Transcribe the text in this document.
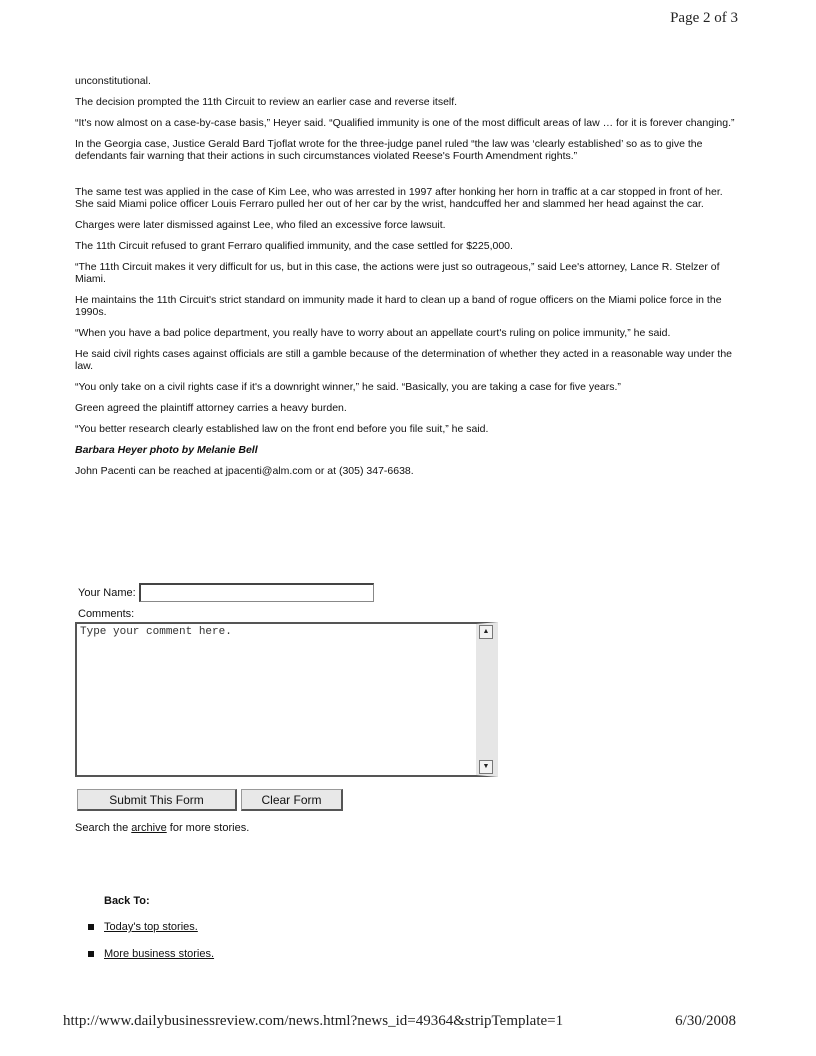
Page 2 of 3

unconstitutional.

The decision prompted the 11th Circuit to review an earlier case and reverse itself.

“It's now almost on a case-by-case basis,” Heyer said. “Qualified immunity is one of the most difficult areas of law … for it is forever changing.”

In the Georgia case, Justice Gerald Bard Tjoflat wrote for the three-judge panel ruled “the law was ‘clearly established’ so as to give the defendants fair warning that their actions in such circumstances violated Reese's Fourth Amendment rights.”

The same test was applied in the case of Kim Lee, who was arrested in 1997 after honking her horn in traffic at a car stopped in front of her. She said Miami police officer Louis Ferraro pulled her out of her car by the wrist, handcuffed her and slammed her head against the car.

Charges were later dismissed against Lee, who filed an excessive force lawsuit.

The 11th Circuit refused to grant Ferraro qualified immunity, and the case settled for $225,000.

“The 11th Circuit makes it very difficult for us, but in this case, the actions were just so outrageous,” said Lee's attorney, Lance R. Stelzer of Miami.

He maintains the 11th Circuit's strict standard on immunity made it hard to clean up a band of rogue officers on the Miami police force in the 1990s.

“When you have a bad police department, you really have to worry about an appellate court's ruling on police immunity,” he said.

He said civil rights cases against officials are still a gamble because of the determination of whether they acted in a reasonable way under the law.

“You only take on a civil rights case if it's a downright winner,” he said. “Basically, you are taking a case for five years.”

Green agreed the plaintiff attorney carries a heavy burden.

“You better research clearly established law on the front end before you file suit,” he said.

Barbara Heyer photo by Melanie Bell

John Pacenti can be reached at jpacenti@alm.com or at (305) 347-6638.

Your Name:
Comments:
Type your comment here.
▲
▼
Submit This Form	Clear Form
Search the archive for more stories.
Back To:
Today's top stories.
More business stories.
http://www.dailybusinessreview.com/news.html?news_id=49364&stripTemplate=1	6/30/2008
